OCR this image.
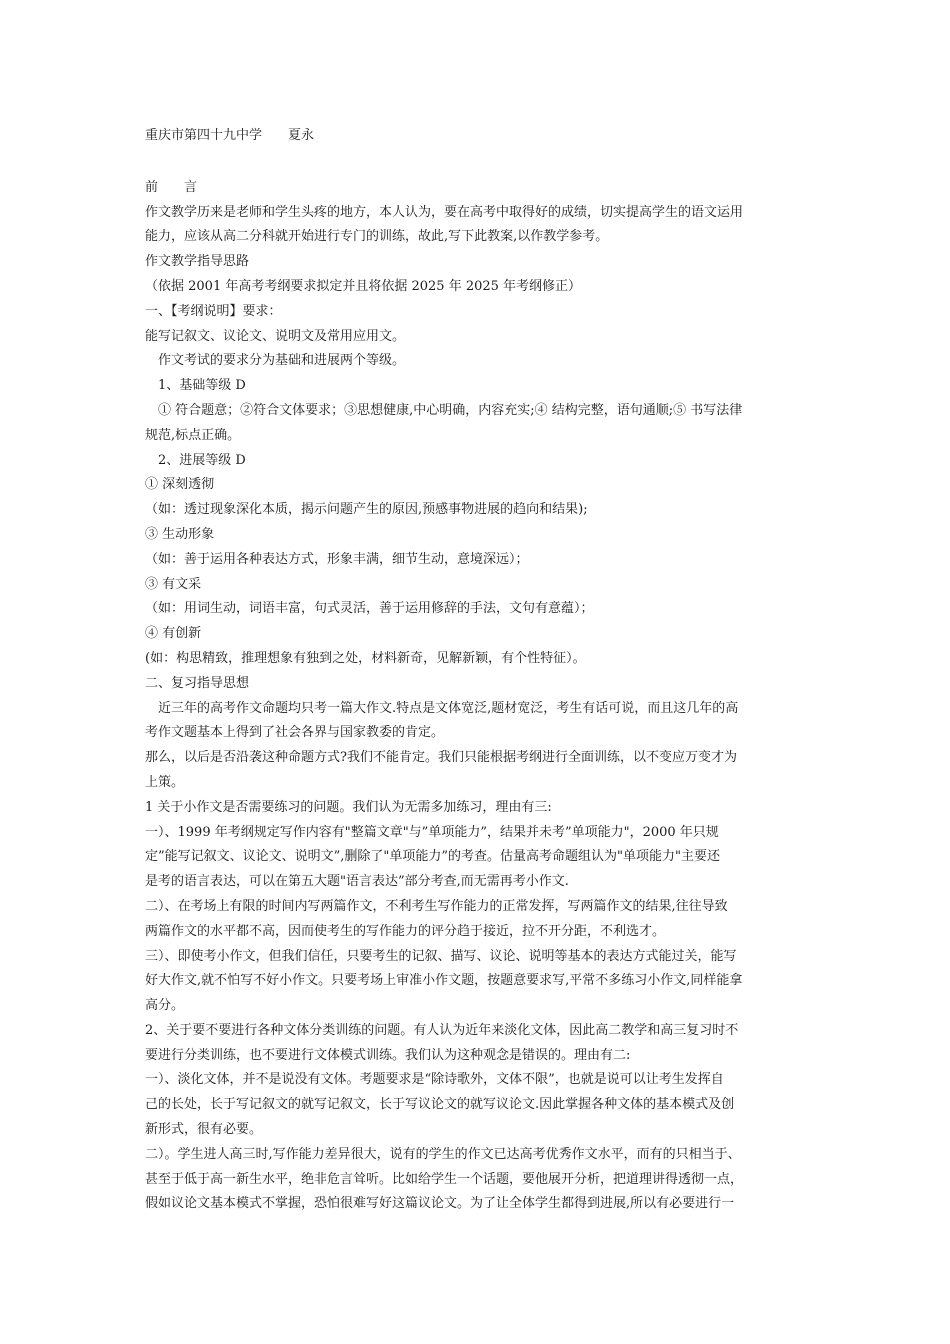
重庆市第四十九中学　　夏永
前　　言
作文教学历来是老师和学生头疼的地方，本人认为，要在高考中取得好的成绩，切实提高学生的语文运用
能力，应该从高二分科就开始进行专门的训练，故此,写下此教案,以作教学参考。
作文教学指导思路
（依据 2001 年高考考纲要求拟定并且将依据 2025 年 2025 年考纲修正）
一、【考纲说明】要求：
能写记叙文、议论文、说明文及常用应用文。
　作文考试的要求分为基础和进展两个等级。
　1、基础等级 D
　① 符合题意；②符合文体要求；③思想健康,中心明确，内容充实;④ 结构完整，语句通顺;⑤ 书写法律
规范,标点正确。
　2、进展等级 D
① 深刻透彻
（如：透过现象深化本质，揭示问题产生的原因,预感事物进展的趋向和结果);
③ 生动形象
（如：善于运用各种表达方式，形象丰满，细节生动，意境深远）；
③ 有文采
（如：用词生动，词语丰富，句式灵活，善于运用修辞的手法，文句有意蕴）；
④ 有创新
(如：构思精致，推理想象有独到之处，材料新奇，见解新颖，有个性特征）。
二、复习指导思想
　近三年的高考作文命题均只考一篇大作文.特点是文体宽泛,题材宽泛，考生有话可说，而且这几年的高
考作文题基本上得到了社会各界与国家教委的肯定。
那么，以后是否沿袭这种命题方式?我们不能肯定。我们只能根据考纲进行全面训练，以不变应万变才为
上策。
1 关于小作文是否需要练习的问题。我们认为无需多加练习，理由有三:
一）、1999 年考纲规定写作内容有"整篇文章"与”单项能力”，结果并未考”单项能力"，2000 年只规
定”能写记叙文、议论文、说明文”,删除了"单项能力”的考查。估量高考命题组认为"单项能力"主要还
是考的语言表达，可以在第五大题"语言表达”部分考查,而无需再考小作文.
二）、在考场上有限的时间内写两篇作文，不利考生写作能力的正常发挥，写两篇作文的结果,往往导致
两篇作文的水平都不高，因而使考生的写作能力的评分趋于接近，拉不开分距，不利选才。
三）、即使考小作文，但我们信任，只要考生的记叙、描写、议论、说明等基本的表达方式能过关，能写
好大作文,就不怕写不好小作文。只要考场上审准小作文题，按题意要求写,平常不多练习小作文,同样能拿
高分。
2、关于要不要进行各种文体分类训练的问题。有人认为近年来淡化文体，因此高二教学和高三复习时不
要进行分类训练，也不要进行文体模式训练。我们认为这种观念是错误的。理由有二:
一）、淡化文体，并不是说没有文体。考题要求是“除诗歌外，文体不限”，也就是说可以让考生发挥自
己的长处，长于写记叙文的就写记叙文，长于写议论文的就写议论文.因此掌握各种文体的基本模式及创
新形式，很有必要。
二）。学生进人高三时,写作能力差异很大，说有的学生的作文已达高考优秀作文水平，而有的只相当于、
甚至于低于高一新生水平，绝非危言耸听。比如给学生一个话题，要他展开分析，把道理讲得透彻一点，
假如议论文基本模式不掌握，恐怕很难写好这篇议论文。为了让全体学生都得到进展,所以有必要进行一
